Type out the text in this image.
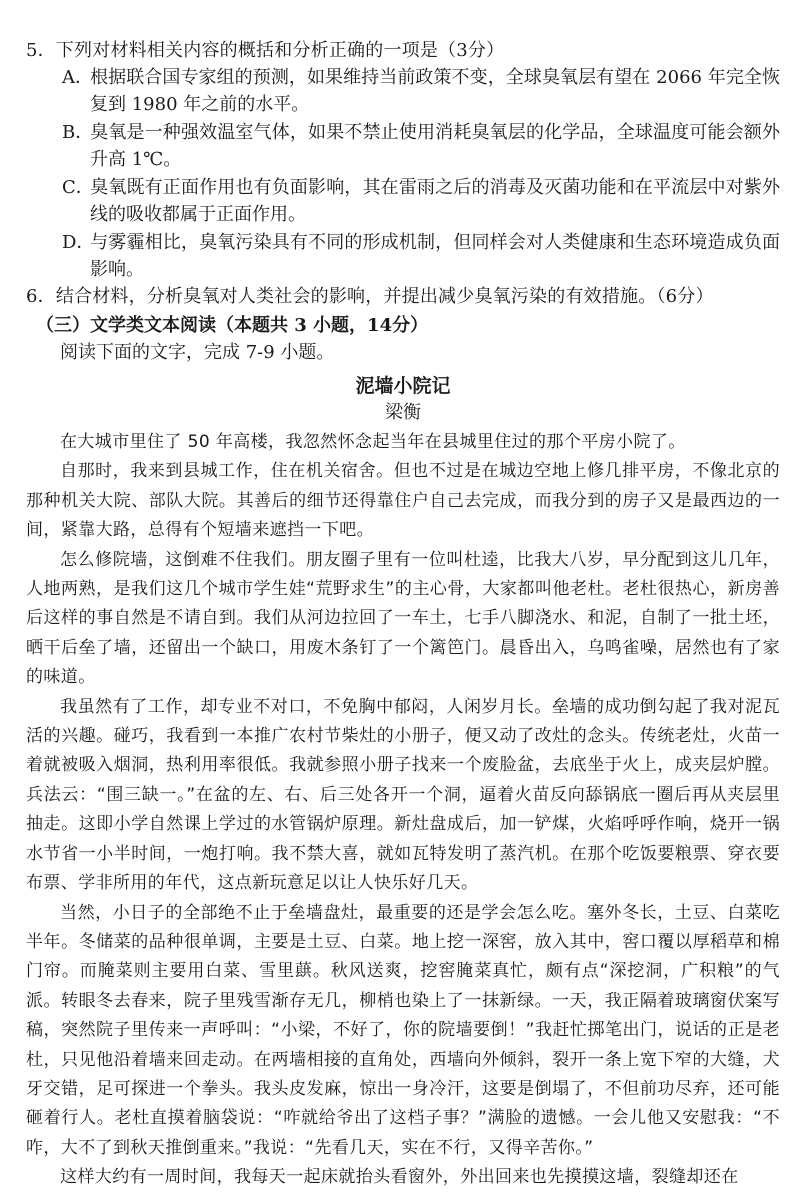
5．下列对材料相关内容的概括和分析正确的一项是（3分）

A．根据联合国专家组的预测，如果维持当前政策不变，全球臭氧层有望在 2066 年完全恢复到 1980 年之前的水平。

B．臭氧是一种强效温室气体，如果不禁止使用消耗臭氧层的化学品，全球温度可能会额外升高 1℃。

C．臭氧既有正面作用也有负面影响，其在雷雨之后的消毒及灭菌功能和在平流层中对紫外线的吸收都属于正面作用。

D．与雾霾相比，臭氧污染具有不同的形成机制，但同样会对人类健康和生态环境造成负面影响。

6．结合材料，分析臭氧对人类社会的影响，并提出减少臭氧污染的有效措施。（6分）

（三）文学类文本阅读（本题共 3 小题，14分）

阅读下面的文字，完成 7-9 小题。

泥墙小院记

梁衡

在大城市里住了 50 年高楼，我忽然怀念起当年在县城里住过的那个平房小院了。

自那时，我来到县城工作，住在机关宿舍。但也不过是在城边空地上修几排平房，不像北京的那种机关大院、部队大院。其善后的细节还得靠住户自己去完成，而我分到的房子又是最西边的一间，紧靠大路，总得有个短墙来遮挡一下吧。

怎么修院墙，这倒难不住我们。朋友圈子里有一位叫杜逵，比我大八岁，早分配到这儿几年，人地两熟，是我们这几个城市学生娃“荒野求生”的主心骨，大家都叫他老杜。老杜很热心，新房善后这样的事自然是不请自到。我们从河边拉回了一车土，七手八脚浇水、和泥，自制了一批土坯，晒干后垒了墙，还留出一个缺口，用废木条钉了一个篱笆门。晨昏出入，乌鸣雀噪，居然也有了家的味道。

我虽然有了工作，却专业不对口，不免胸中郁闷，人闲岁月长。垒墙的成功倒勾起了我对泥瓦活的兴趣。碰巧，我看到一本推广农村节柴灶的小册子，便又动了改灶的念头。传统老灶，火苗一着就被吸入烟洞，热利用率很低。我就参照小册子找来一个废脸盆，去底坐于火上，成夹层炉膛。兵法云：“围三缺一。”在盆的左、右、后三处各开一个洞，逼着火苗反向舔锅底一圈后再从夹层里抽走。这即小学自然课上学过的水管锅炉原理。新灶盘成后，加一铲煤，火焰呼呼作响，烧开一锅水节省一小半时间，一炮打响。我不禁大喜，就如瓦特发明了蒸汽机。在那个吃饭要粮票、穿衣要布票、学非所用的年代，这点新玩意足以让人快乐好几天。

当然，小日子的全部绝不止于垒墙盘灶，最重要的还是学会怎么吃。塞外冬长，土豆、白菜吃半年。冬储菜的品种很单调，主要是土豆、白菜。地上挖一深窖，放入其中，窖口覆以厚稻草和棉门帘。而腌菜则主要用白菜、雪里蕻。秋风送爽，挖窖腌菜真忙，颇有点“深挖洞，广积粮”的气派。转眼冬去春来，院子里残雪渐存无几，柳梢也染上了一抹新绿。一天，我正隔着玻璃窗伏案写稿，突然院子里传来一声呼叫：“小梁，不好了，你的院墙要倒！”我赶忙掷笔出门，说话的正是老杜，只见他沿着墙来回走动。在两墙相接的直角处，西墙向外倾斜，裂开一条上宽下窄的大缝，犬牙交错，足可探进一个拳头。我头皮发麻，惊出一身冷汗，这要是倒塌了，不但前功尽弃，还可能砸着行人。老杜直摸着脑袋说：“咋就给爷出了这档子事？”满脸的遗憾。一会儿他又安慰我：“不咋，大不了到秋天推倒重来。”我说：“先看几天，实在不行，又得辛苦你。”

这样大约有一周时间，我每天一起床就抬头看窗外，外出回来也先摸摸这墙，裂缝却还在
